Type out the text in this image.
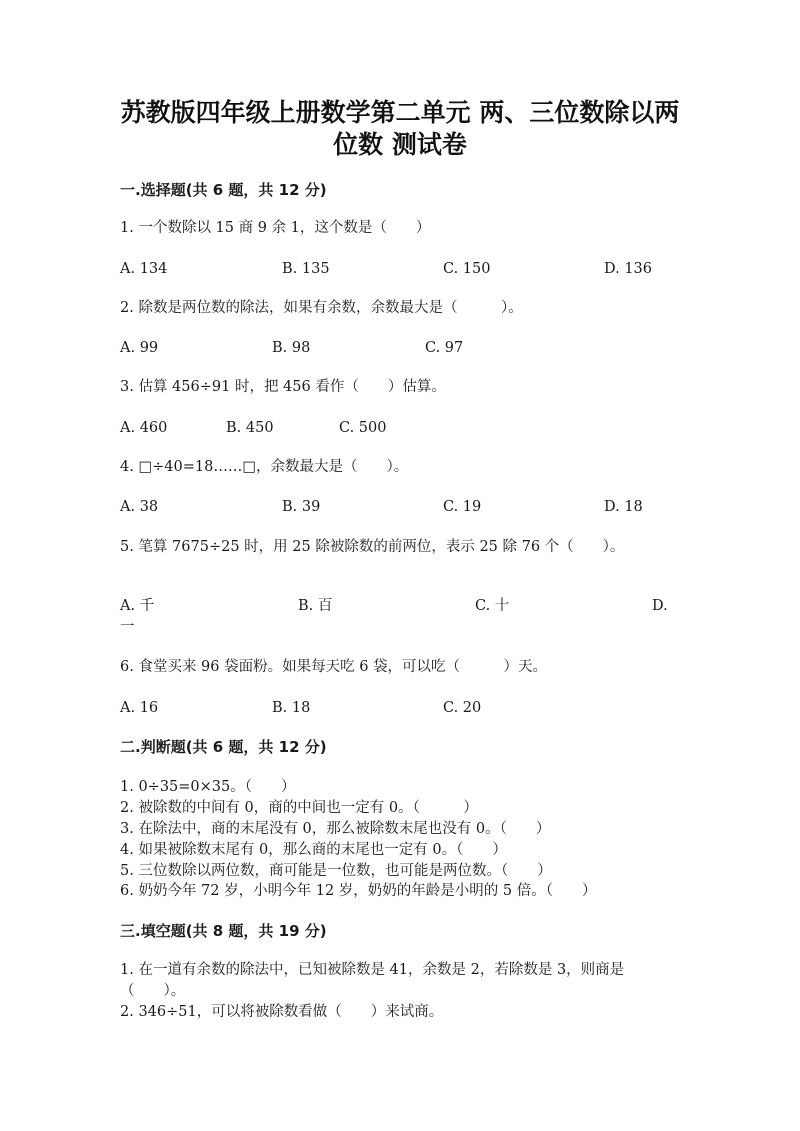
苏教版四年级上册数学第二单元 两、三位数除以两
位数 测试卷
一.选择题(共 6 题，共 12 分)
1. 一个数除以 15 商 9 余 1，这个数是（　　）
A. 134	B. 135	C. 150	D. 136
2. 除数是两位数的除法，如果有余数，余数最大是（　　　）。
A. 99	B. 98	C. 97
3. 估算 456÷91 时，把 456 看作（　　）估算。
A. 460	B. 450	C. 500
4. □÷40=18……□，余数最大是（　　）。
A. 38	B. 39	C. 19	D. 18
5. 笔算 7675÷25 时，用 25 除被除数的前两位，表示 25 除 76 个（　　）。
A. 千	B. 百	C. 十	D.
一
6. 食堂买来 96 袋面粉。如果每天吃 6 袋，可以吃（　　　）天。
A. 16	B. 18	C. 20
二.判断题(共 6 题，共 12 分)
1. 0÷35=0×35。（　　）
2. 被除数的中间有 0，商的中间也一定有 0。（　　　）
3. 在除法中，商的末尾没有 0，那么被除数末尾也没有 0。（　　）
4. 如果被除数末尾有 0，那么商的末尾也一定有 0。（　　）
5. 三位数除以两位数，商可能是一位数，也可能是两位数。（　　）
6. 奶奶今年 72 岁，小明今年 12 岁，奶奶的年龄是小明的 5 倍。（　　）
三.填空题(共 8 题，共 19 分)
1. 在一道有余数的除法中，已知被除数是 41，余数是 2，若除数是 3，则商是
（　　）。
2. 346÷51，可以将被除数看做（　　）来试商。
